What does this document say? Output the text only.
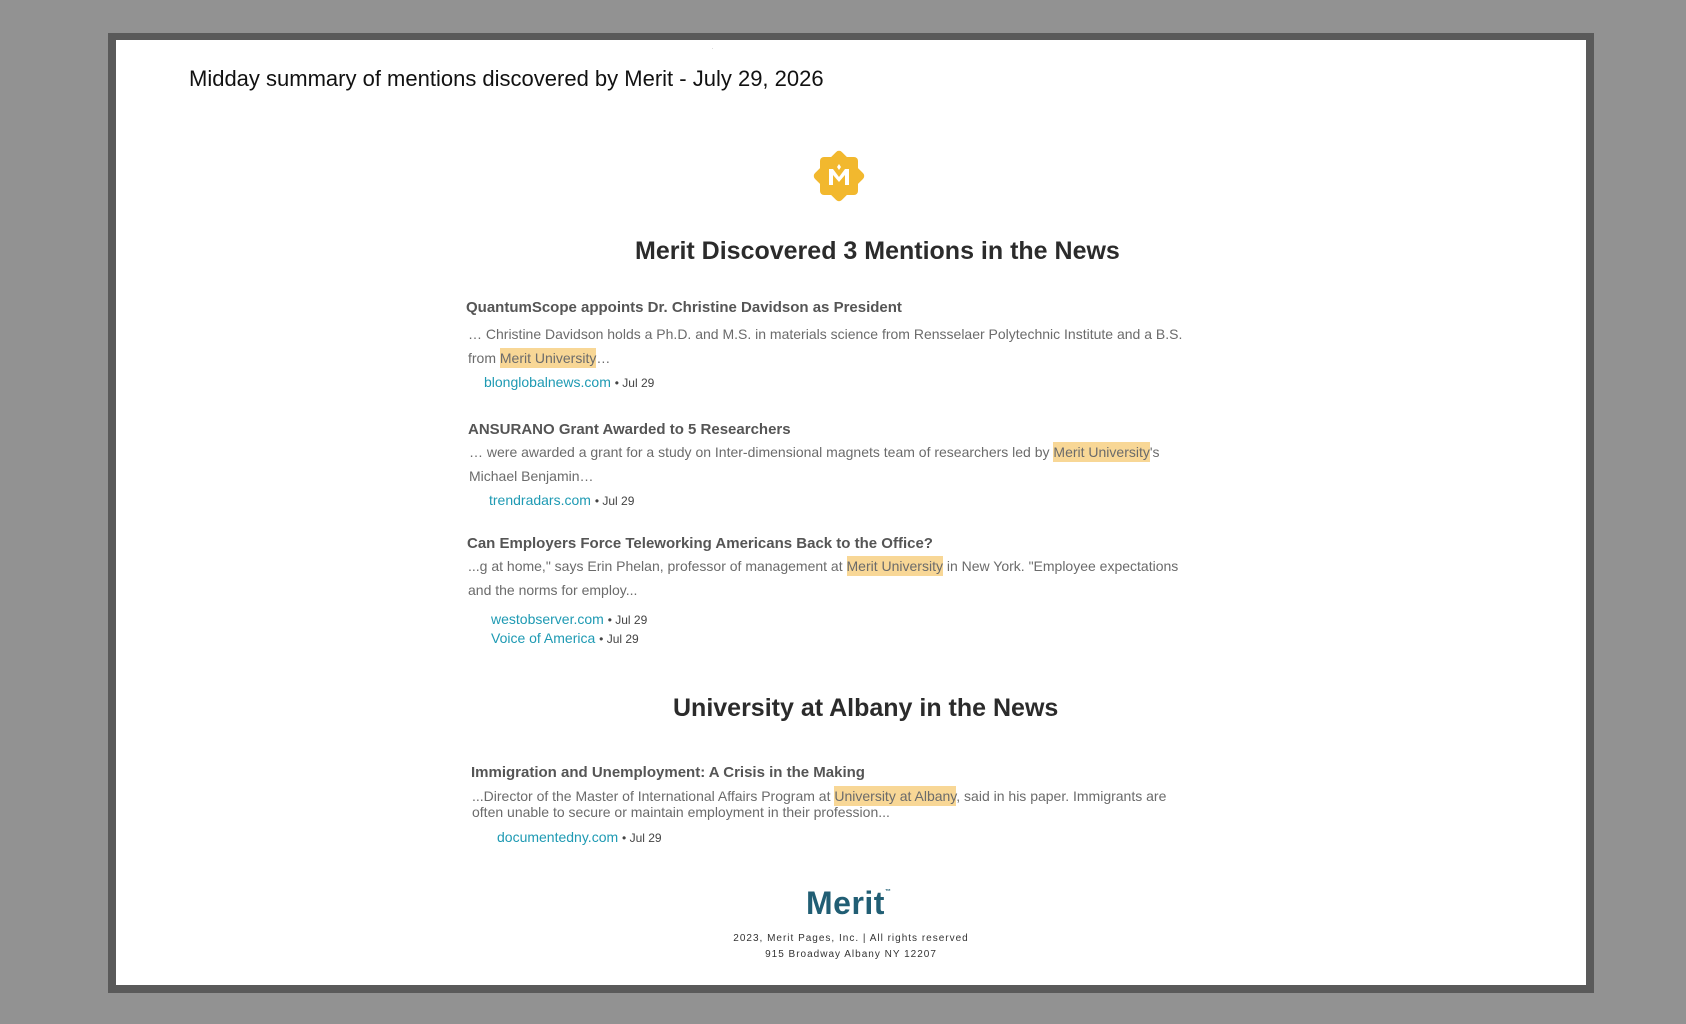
Midday summary of mentions discovered by Merit - July 29, 2026
M
Merit Discovered 3 Mentions in the News

QuantumScope appoints Dr. Christine Davidson as President

… Christine Davidson holds a Ph.D. and M.S. in materials science from Rensselaer Polytechnic Institute and a B.S. from Merit University…

blonglobalnews.com • Jul 29

ANSURANO Grant Awarded to 5 Researchers

… were awarded a grant for a study on Inter-dimensional magnets team of researchers led by Merit University's Michael Benjamin…

trendradars.com • Jul 29

Can Employers Force Teleworking Americans Back to the Office?

...g at home," says Erin Phelan, professor of management at Merit University in New York. "Employee expectations and the norms for employ...

westobserver.com • Jul 29

Voice of America • Jul 29

University at Albany in the News

Immigration and Unemployment: A Crisis in the Making

...Director of the Master of International Affairs Program at University at Albany, said in his paper. Immigrants are often unable to secure or maintain employment in their profession...

documentedny.com • Jul 29

Merit™

2023, Merit Pages, Inc. | All rights reserved

915 Broadway Albany NY 12207
